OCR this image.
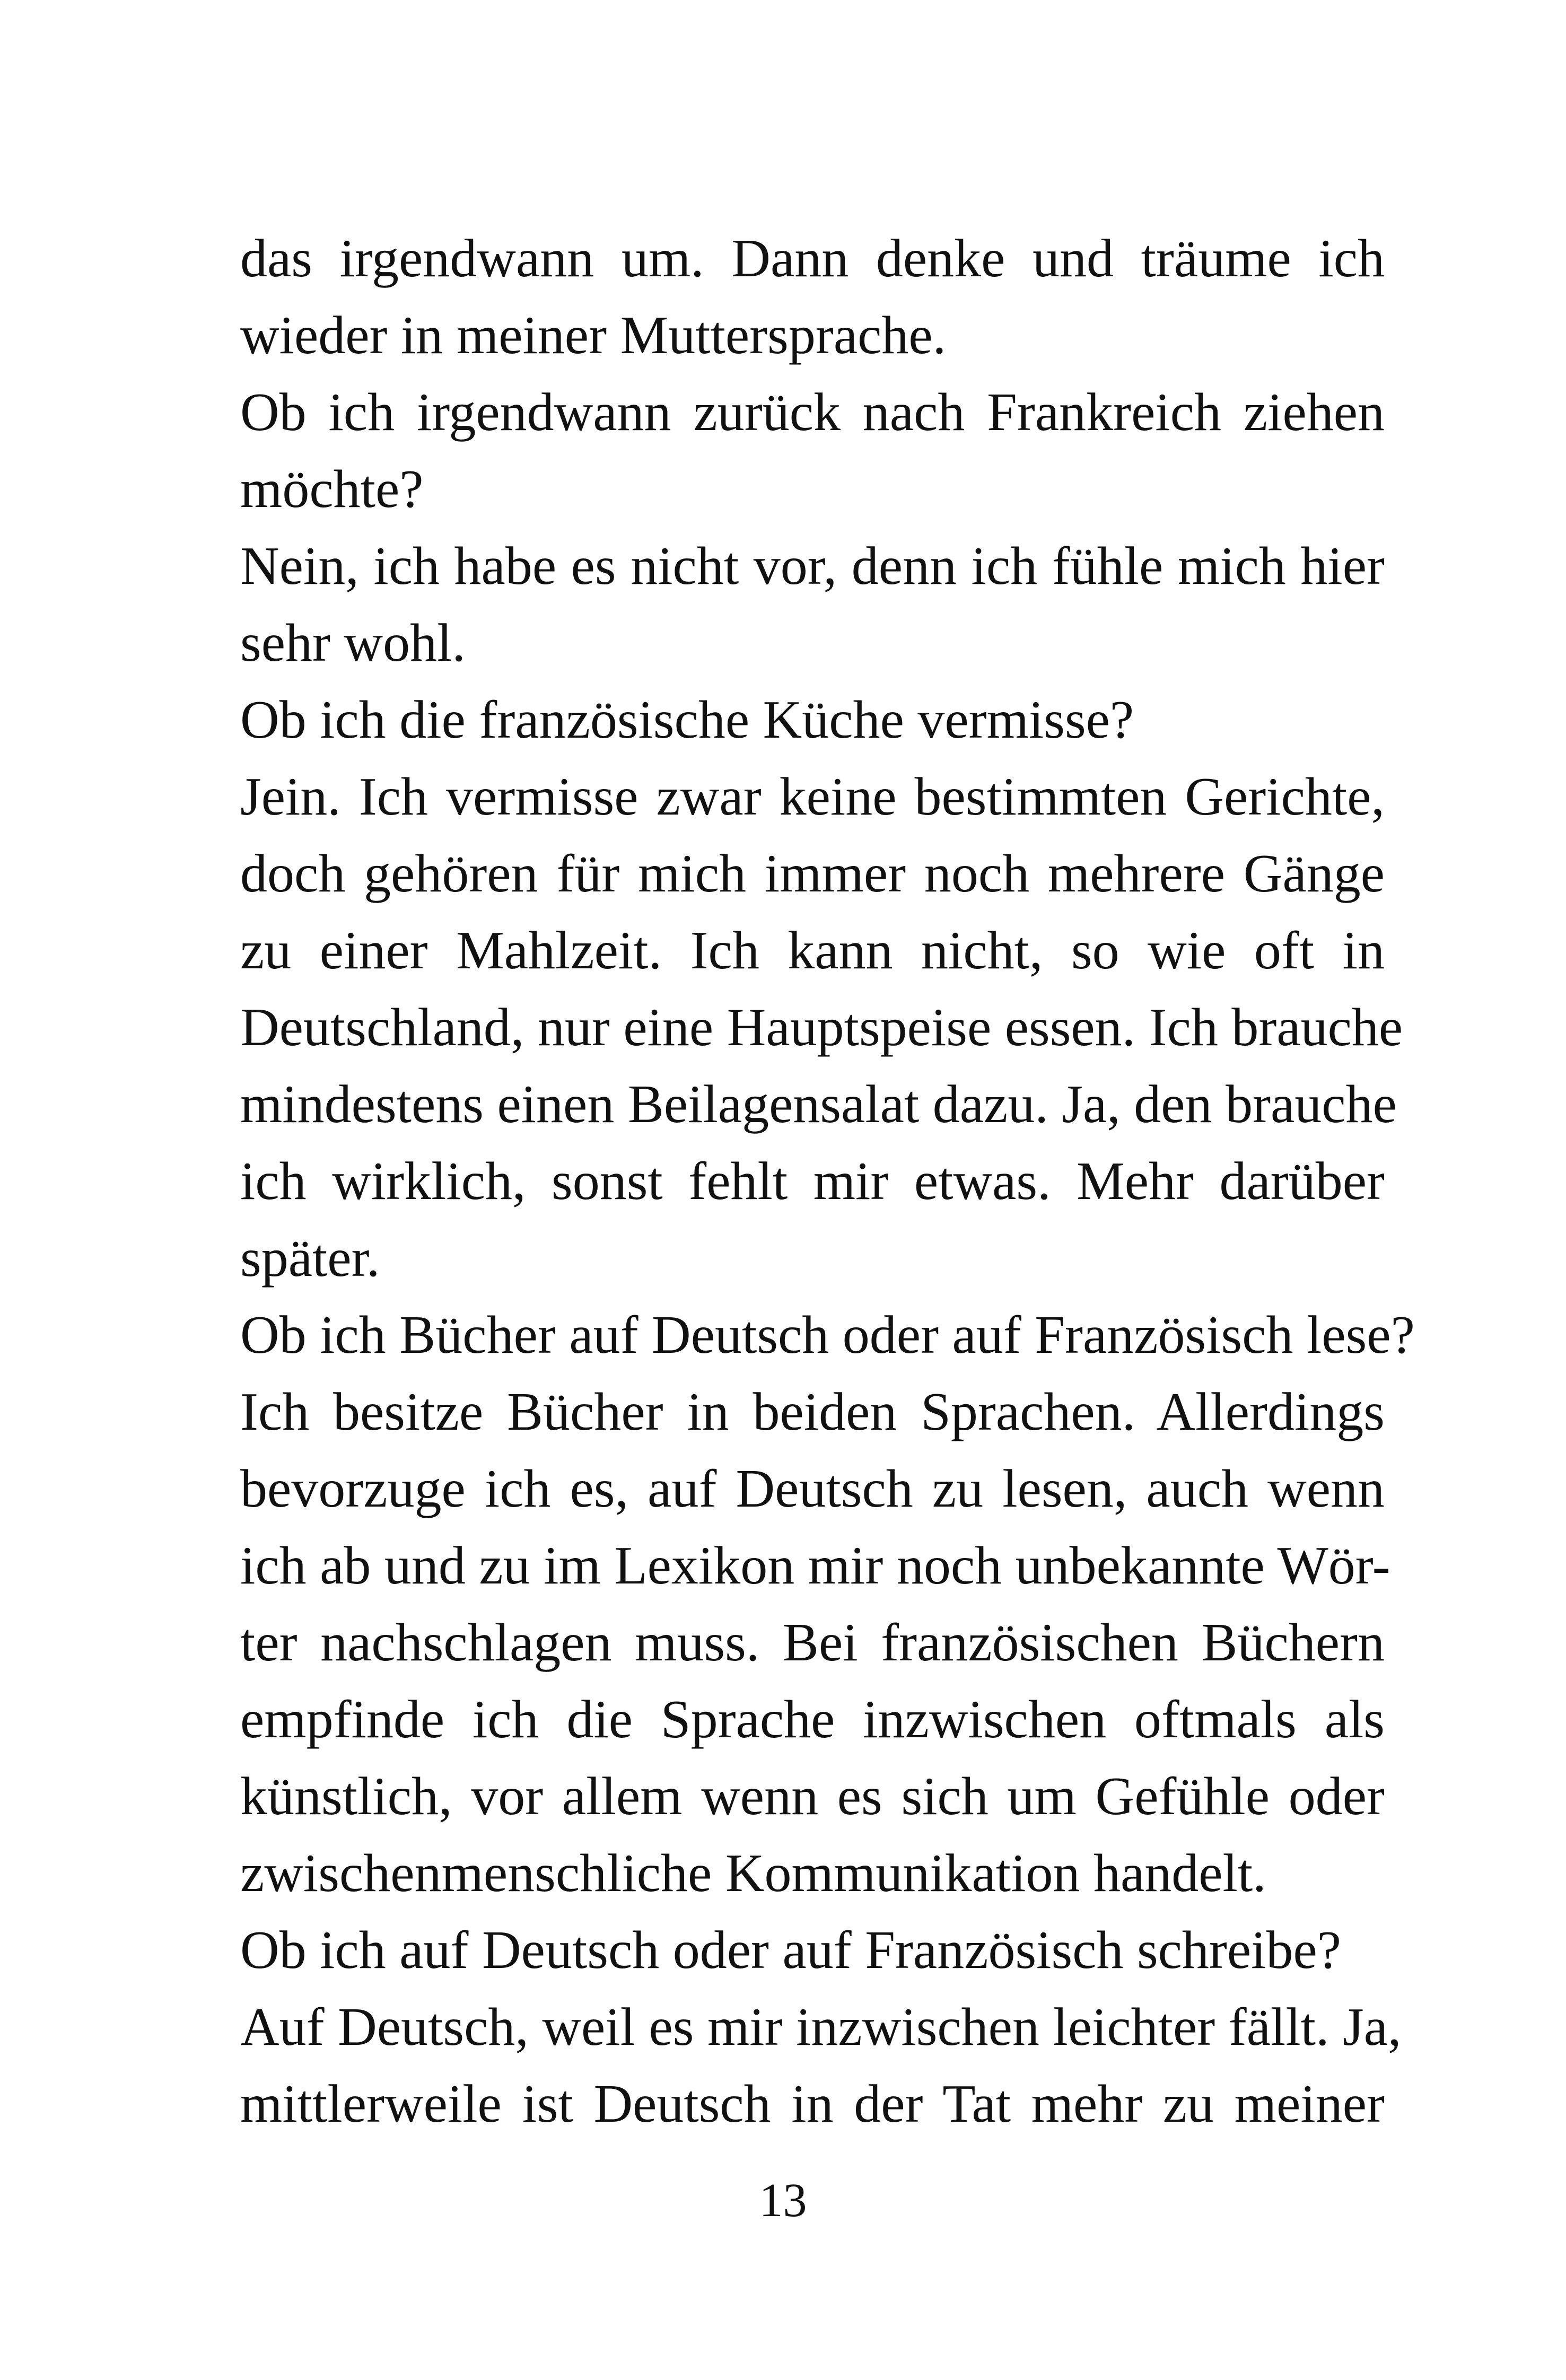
das irgendwann um. Dann denke und träume ich
wieder in meiner Muttersprache.
Ob ich irgendwann zurück nach Frankreich ziehen
möchte?
Nein, ich habe es nicht vor, denn ich fühle mich hier
sehr wohl.
Ob ich die französische Küche vermisse?
Jein. Ich vermisse zwar keine bestimmten Gerichte,
doch gehören für mich immer noch mehrere Gänge
zu einer Mahlzeit. Ich kann nicht, so wie oft in
Deutschland, nur eine Hauptspeise essen. Ich brauche
mindestens einen Beilagensalat dazu. Ja, den brauche
ich wirklich, sonst fehlt mir etwas. Mehr darüber
später.
Ob ich Bücher auf Deutsch oder auf Französisch lese?
Ich besitze Bücher in beiden Sprachen. Allerdings
bevorzuge ich es, auf Deutsch zu lesen, auch wenn
ich ab und zu im Lexikon mir noch unbekannte Wör-
ter nachschlagen muss. Bei französischen Büchern
empfinde ich die Sprache inzwischen oftmals als
künstlich, vor allem wenn es sich um Gefühle oder
zwischenmenschliche Kommunikation handelt.
Ob ich auf Deutsch oder auf Französisch schreibe?
Auf Deutsch, weil es mir inzwischen leichter fällt. Ja,
mittlerweile ist Deutsch in der Tat mehr zu meiner
13
